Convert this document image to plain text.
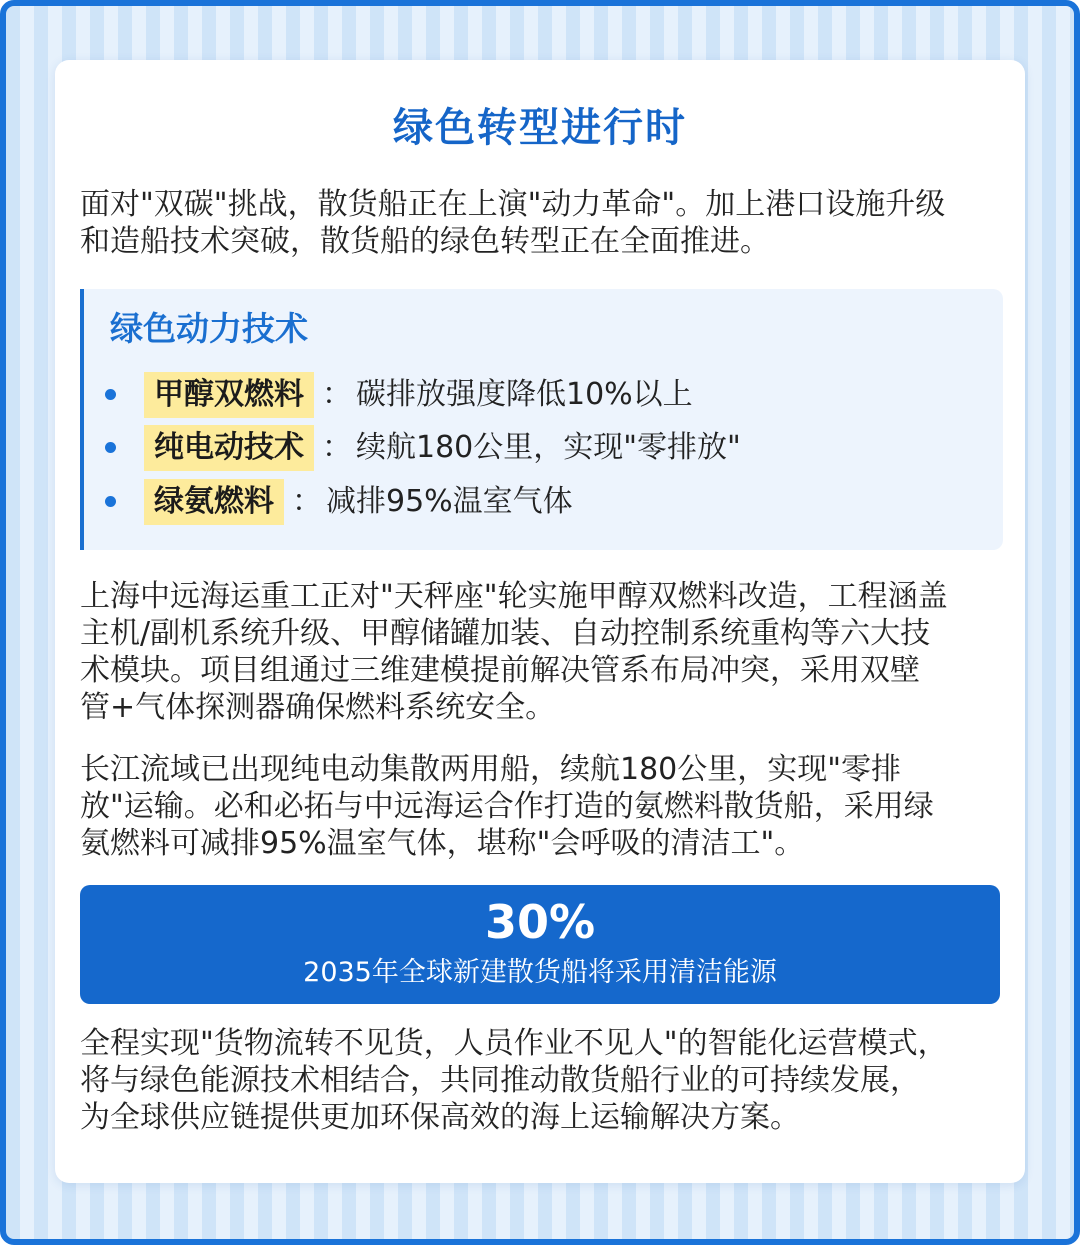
绿色转型进行时
面对"双碳"挑战，散货船正在上演"动力革命"。加上港口设施升级
和造船技术突破，散货船的绿色转型正在全面推进。
绿色动力技术
甲醇双燃料 ： 碳排放强度降低10%以上
纯电动技术 ： 续航180公里，实现"零排放"
绿氨燃料 ： 减排95%温室气体
上海中远海运重工正对"天秤座"轮实施甲醇双燃料改造，工程涵盖
主机/副机系统升级、甲醇储罐加装、自动控制系统重构等六大技
术模块。项目组通过三维建模提前解决管系布局冲突，采用双壁
管+气体探测器确保燃料系统安全。
长江流域已出现纯电动集散两用船，续航180公里，实现"零排
放"运输。必和必拓与中远海运合作打造的氨燃料散货船，采用绿
氨燃料可减排95%温室气体，堪称"会呼吸的清洁工"。
30%
2035年全球新建散货船将采用清洁能源
全程实现"货物流转不见货，人员作业不见人"的智能化运营模式，
将与绿色能源技术相结合，共同推动散货船行业的可持续发展，
为全球供应链提供更加环保高效的海上运输解决方案。
